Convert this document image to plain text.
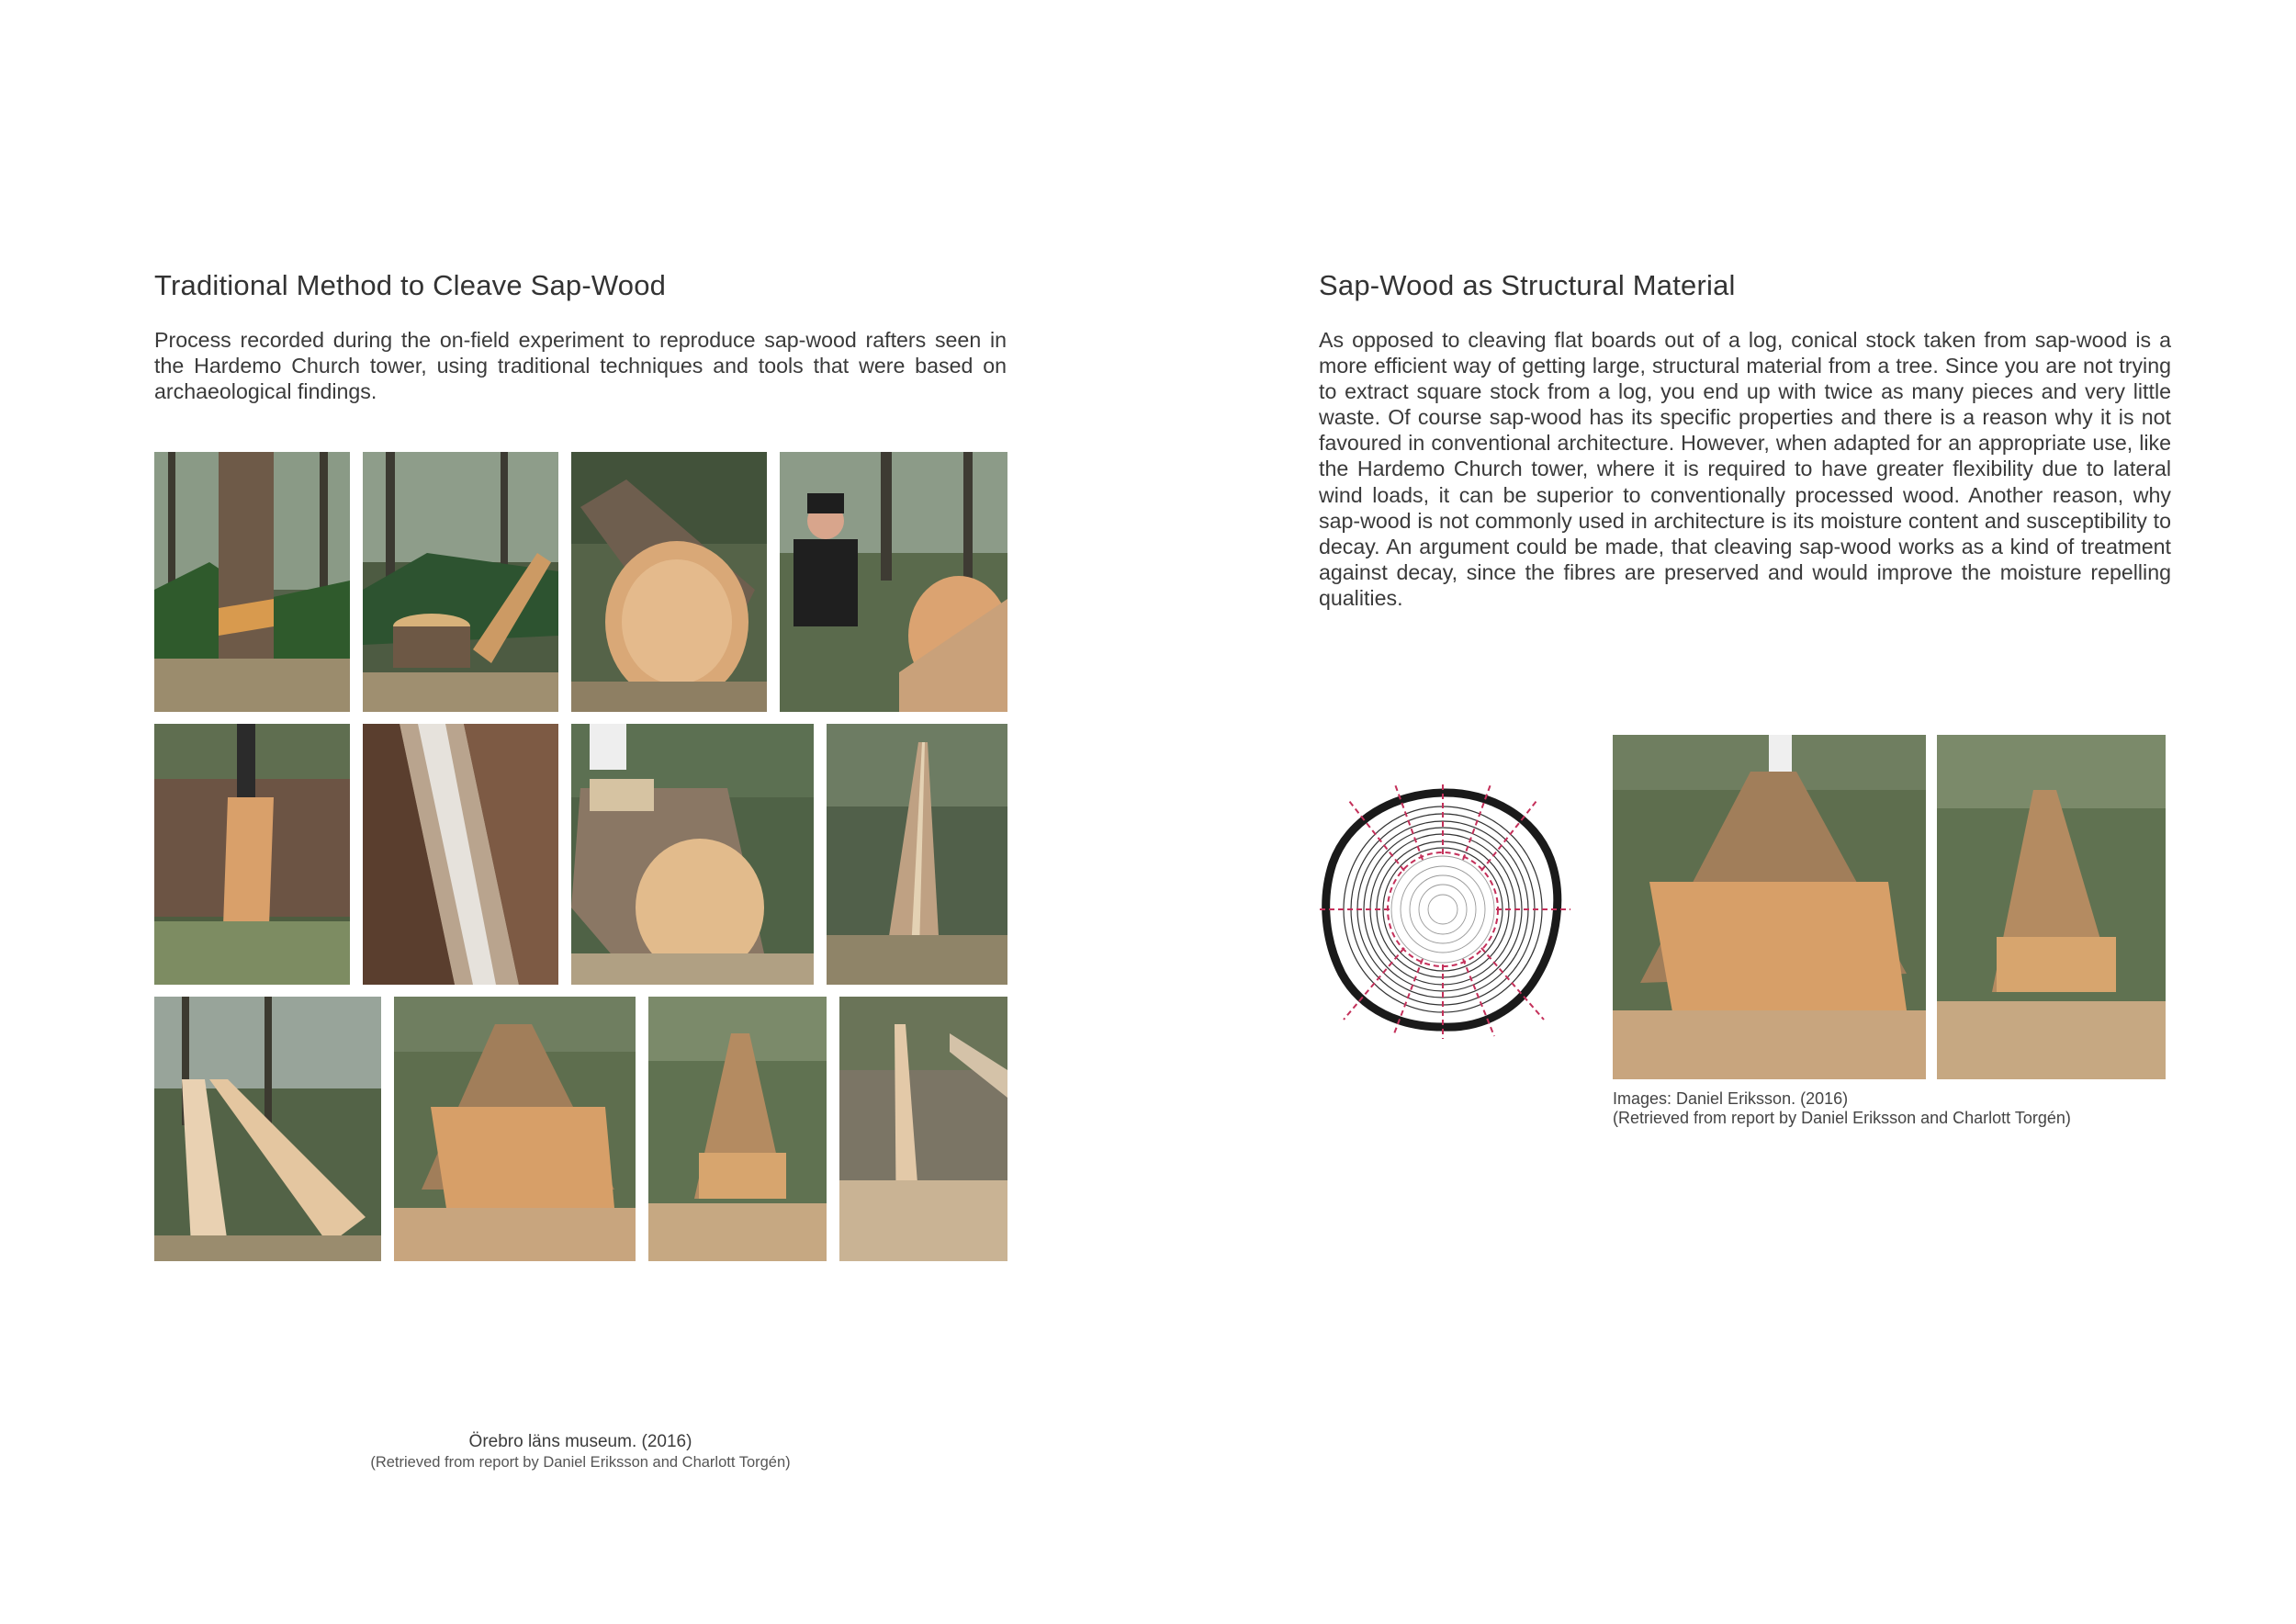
Traditional Method to Cleave Sap-Wood

Process recorded during the on-field experiment to reproduce sap-wood rafters seen in the Hardemo Church tower, using traditional techniques and tools that were based on archaeological findings.

Örebro läns museum. (2016)

(Retrieved from report by Daniel Eriksson and Charlott Torgén)

Sap-Wood as Structural Material

As opposed to cleaving flat boards out of a log, conical stock taken from sap-wood is a more efficient way of getting large, structural material from a tree. Since you are not trying to extract square stock from a log, you end up with twice as many pieces and very little waste. Of course sap-wood has its specific properties and there is a reason why it is not favoured in conventional architecture. However, when adapted for an appropriate use, like the Hardemo Church tower, where it is required to have greater flexibility due to lateral wind loads, it can be superior to conventionally processed wood. Another reason, why sap-wood is not commonly used in architecture is its moisture content and susceptibility to decay. An argument could be made, that cleaving sap-wood works as a kind of treatment against decay, since the fibres are preserved and would improve the moisture repelling qualities.

Images: Daniel Eriksson. (2016)

(Retrieved from report by Daniel Eriksson and Charlott Torgén)
